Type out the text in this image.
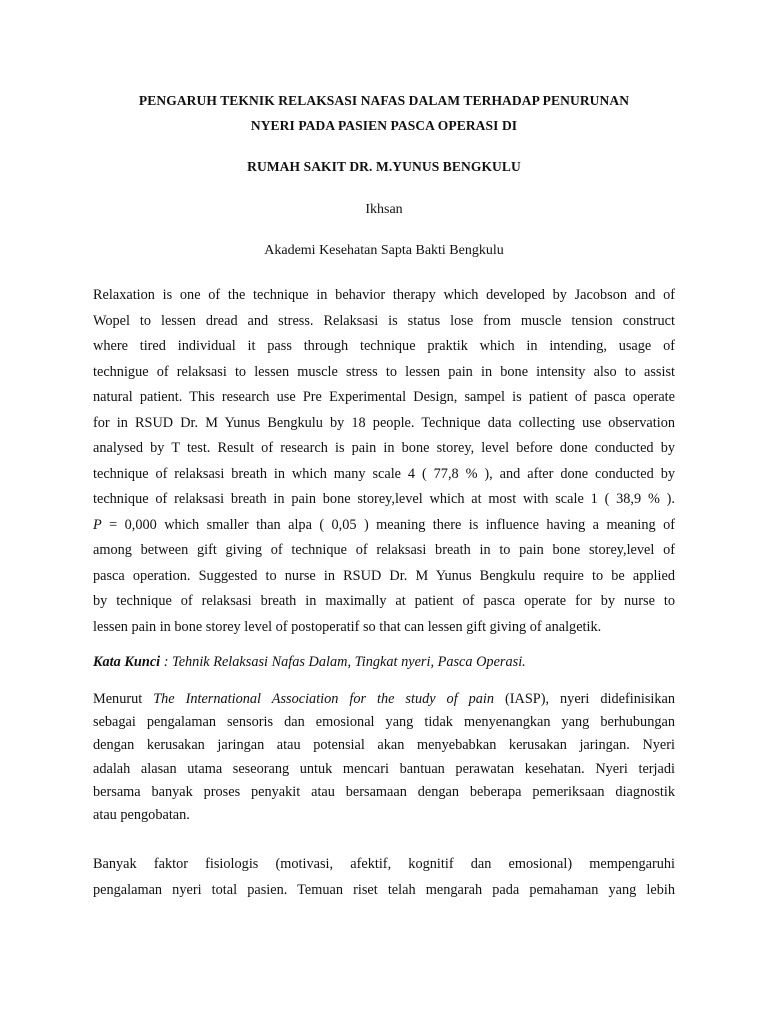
PENGARUH TEKNIK RELAKSASI NAFAS DALAM TERHADAP PENURUNAN
NYERI PADA PASIEN PASCA OPERASI DI
RUMAH SAKIT DR. M.YUNUS BENGKULU
Ikhsan
Akademi Kesehatan Sapta Bakti Bengkulu
Relaxation is one of the technique in behavior therapy which developed by Jacobson and of
Wopel to lessen dread and stress. Relaksasi is status lose from muscle tension construct
where tired individual it pass through technique praktik which in intending, usage of
technigue of relaksasi to lessen muscle stress to lessen pain in bone intensity also to assist
natural patient. This research use Pre Experimental Design, sampel is patient of pasca operate
for in RSUD Dr. M Yunus Bengkulu by 18 people. Technique data collecting use observation
analysed by T test. Result of research is pain in bone storey, level before done conducted by
technique of relaksasi breath in which many scale 4 ( 77,8 % ), and after done conducted by
technique of relaksasi breath in pain bone storey,level which at most with scale 1 ( 38,9 % ).
P = 0,000 which smaller than alpa ( 0,05 ) meaning there is influence having a meaning of
among between gift giving of technique of relaksasi breath in to pain bone storey,level of
pasca operation. Suggested to nurse in RSUD Dr. M Yunus Bengkulu require to be applied
by technique of relaksasi breath in maximally at patient of pasca operate for by nurse to
lessen pain in bone storey level of postoperatif so that can lessen gift giving of analgetik.
Kata Kunci : Tehnik Relaksasi Nafas Dalam, Tingkat nyeri, Pasca Operasi.
Menurut The International Association for the study of pain (IASP), nyeri didefinisikan
sebagai pengalaman sensoris dan emosional yang tidak menyenangkan yang berhubungan
dengan kerusakan jaringan atau potensial akan menyebabkan kerusakan jaringan. Nyeri
adalah alasan utama seseorang untuk mencari bantuan perawatan kesehatan. Nyeri terjadi
bersama banyak proses penyakit atau bersamaan dengan beberapa pemeriksaan diagnostik
atau pengobatan.
Banyak faktor fisiologis (motivasi, afektif, kognitif dan emosional) mempengaruhi
pengalaman nyeri total pasien. Temuan riset telah mengarah pada pemahaman yang lebih
